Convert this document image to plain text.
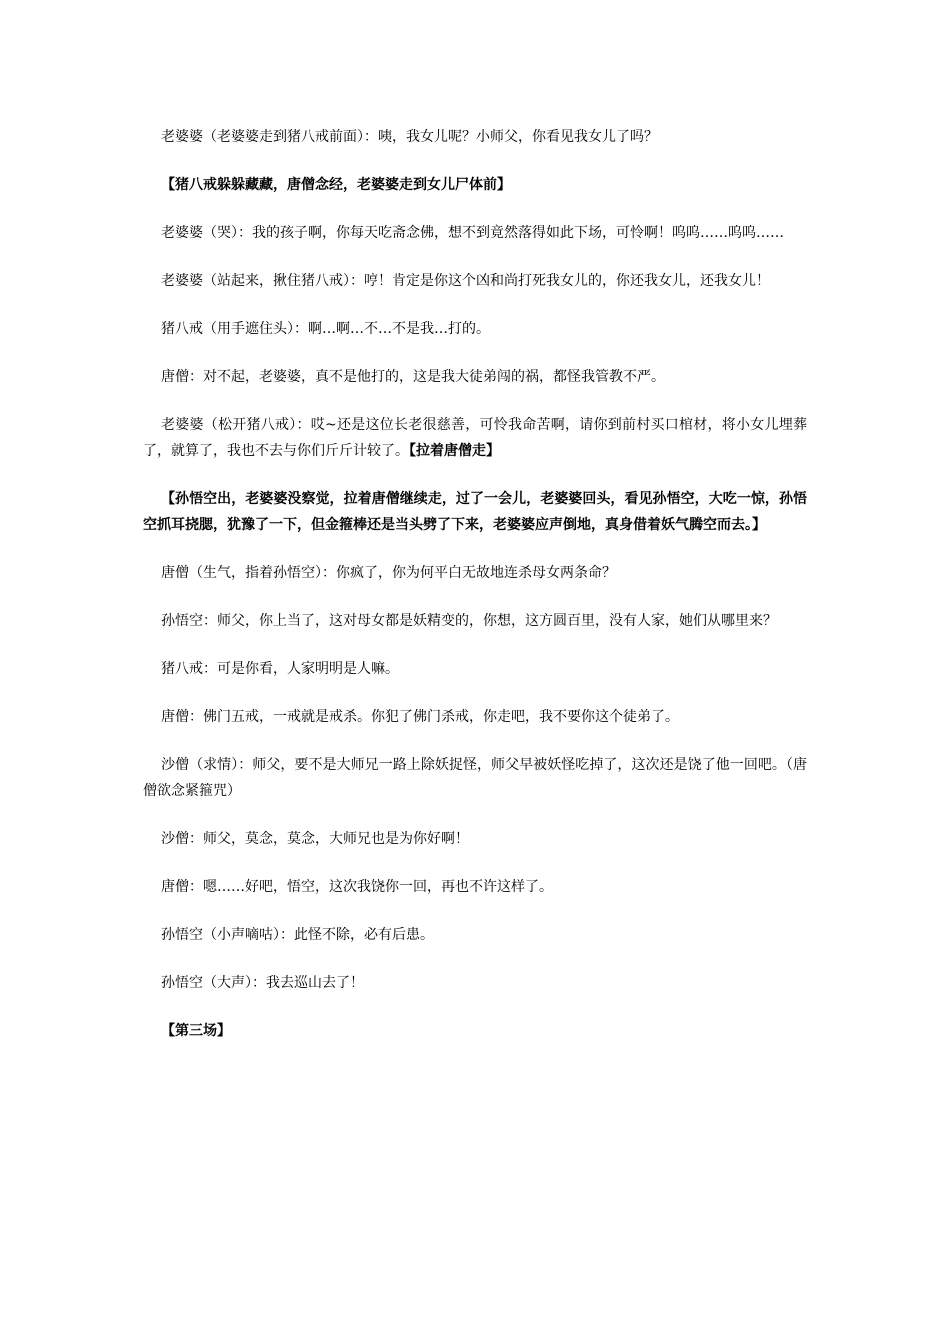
老婆婆（老婆婆走到猪八戒前面）：咦，我女儿呢？小师父，你看见我女儿了吗？

【猪八戒躲躲藏藏，唐僧念经，老婆婆走到女儿尸体前】

老婆婆（哭）：我的孩子啊，你每天吃斋念佛，想不到竟然落得如此下场，可怜啊！呜呜……呜呜……

老婆婆（站起来，揪住猪八戒）：哼！肯定是你这个凶和尚打死我女儿的，你还我女儿，还我女儿！

猪八戒（用手遮住头）：啊…啊…不…不是我…打的。

唐僧：对不起，老婆婆，真不是他打的，这是我大徒弟闯的祸，都怪我管教不严。

老婆婆（松开猪八戒）：哎~还是这位长老很慈善，可怜我命苦啊，请你到前村买口棺材，将小女儿埋葬了，就算了，我也不去与你们斤斤计较了。【拉着唐僧走】

【孙悟空出，老婆婆没察觉，拉着唐僧继续走，过了一会儿，老婆婆回头，看见孙悟空，大吃一惊，孙悟空抓耳挠腮，犹豫了一下，但金箍棒还是当头劈了下来，老婆婆应声倒地，真身借着妖气腾空而去。】

唐僧（生气，指着孙悟空）：你疯了，你为何平白无故地连杀母女两条命？

孙悟空：师父，你上当了，这对母女都是妖精变的，你想，这方圆百里，没有人家，她们从哪里来？

猪八戒：可是你看，人家明明是人嘛。

唐僧：佛门五戒，一戒就是戒杀。你犯了佛门杀戒，你走吧，我不要你这个徒弟了。

沙僧（求情）：师父，要不是大师兄一路上除妖捉怪，师父早被妖怪吃掉了，这次还是饶了他一回吧。（唐僧欲念紧箍咒）

沙僧：师父，莫念，莫念，大师兄也是为你好啊！

唐僧：嗯……好吧，悟空，这次我饶你一回，再也不许这样了。

孙悟空（小声嘀咕）：此怪不除，必有后患。

孙悟空（大声）：我去巡山去了！

【第三场】
